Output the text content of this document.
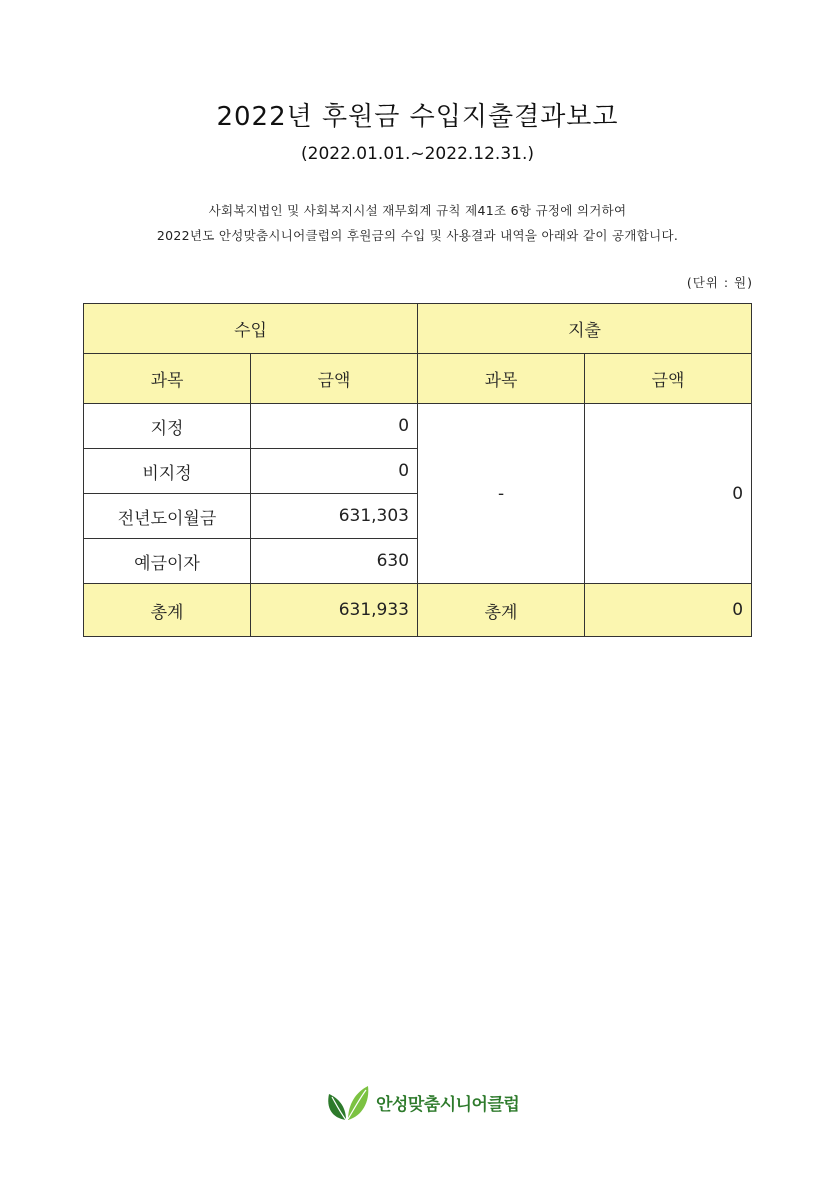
2022년 후원금 수입지출결과보고
(2022.01.01.~2022.12.31.)
사회복지법인 및 사회복지시설 재무회계 규칙 제41조 6항 규정에 의거하여
2022년도 안성맞춤시니어클럽의 후원금의 수입 및 사용결과 내역을 아래와 같이 공개합니다.
(단위 : 원)
수입		지출	
과목	금액	과목	금액
지정	0	-	0
비지정	0		
전년도이월금	631,303		
예금이자	630		
총계	631,933	총계	0
안성맞춤시니어클럽
